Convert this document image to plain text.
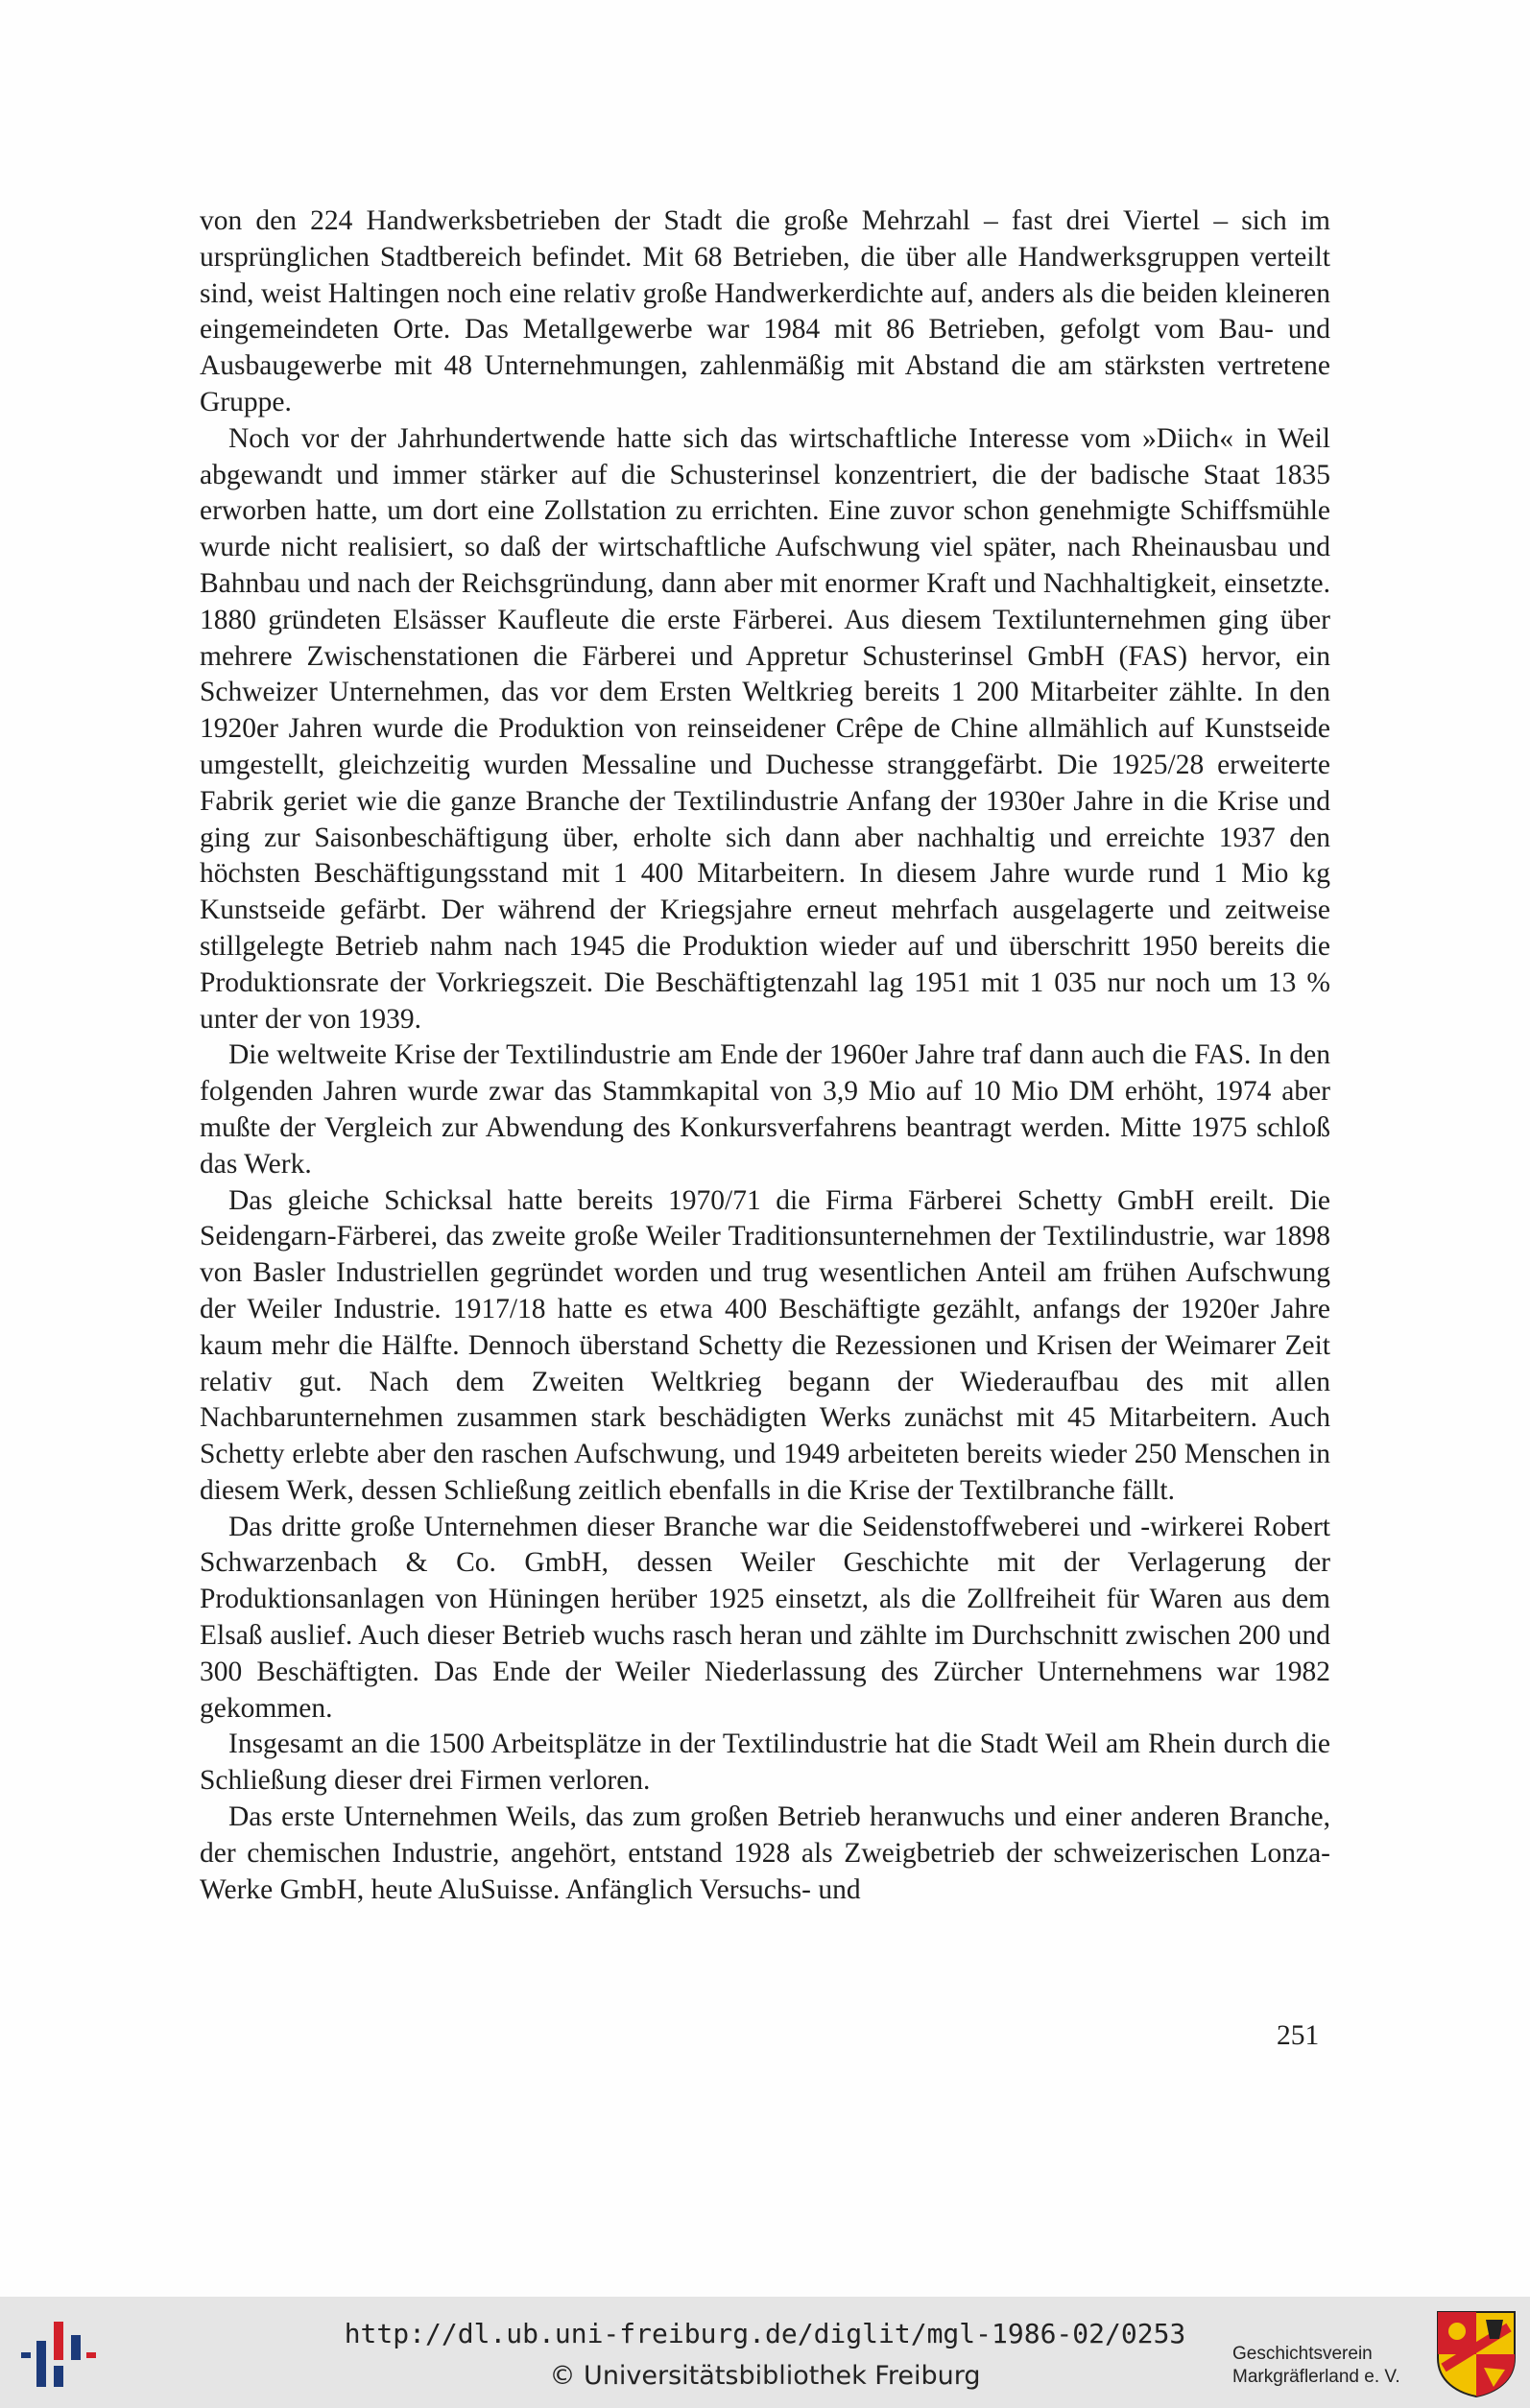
von den 224 Handwerksbetrieben der Stadt die große Mehrzahl – fast drei Viertel – sich im ursprünglichen Stadtbereich befindet. Mit 68 Betrieben, die über alle Handwerksgruppen verteilt sind, weist Haltingen noch eine relativ große Handwerkerdichte auf, anders als die beiden kleineren eingemeindeten Orte. Das Metallgewerbe war 1984 mit 86 Betrieben, gefolgt vom Bau- und Ausbaugewerbe mit 48 Unternehmungen, zahlenmäßig mit Abstand die am stärksten vertretene Gruppe.

Noch vor der Jahrhundertwende hatte sich das wirtschaftliche Interesse vom »Diich« in Weil abgewandt und immer stärker auf die Schusterinsel konzentriert, die der badische Staat 1835 erworben hatte, um dort eine Zollstation zu errichten. Eine zuvor schon genehmigte Schiffsmühle wurde nicht realisiert, so daß der wirtschaftliche Aufschwung viel später, nach Rheinausbau und Bahnbau und nach der Reichsgründung, dann aber mit enormer Kraft und Nachhaltigkeit, einsetzte. 1880 gründeten Elsässer Kaufleute die erste Färberei. Aus diesem Textilunternehmen ging über mehrere Zwischenstationen die Färberei und Appretur Schusterinsel GmbH (FAS) hervor, ein Schweizer Unternehmen, das vor dem Ersten Weltkrieg bereits 1 200 Mitarbeiter zählte. In den 1920er Jahren wurde die Produktion von reinseidener Crêpe de Chine allmählich auf Kunstseide umgestellt, gleichzeitig wurden Messaline und Duchesse stranggefärbt. Die 1925/28 erweiterte Fabrik geriet wie die ganze Branche der Textilindustrie Anfang der 1930er Jahre in die Krise und ging zur Saisonbeschäftigung über, erholte sich dann aber nachhaltig und erreichte 1937 den höchsten Beschäftigungsstand mit 1 400 Mitarbeitern. In diesem Jahre wurde rund 1 Mio kg Kunstseide gefärbt. Der während der Kriegsjahre erneut mehrfach ausgelagerte und zeitweise stillgelegte Betrieb nahm nach 1945 die Produktion wieder auf und überschritt 1950 bereits die Produktionsrate der Vorkriegszeit. Die Beschäftigtenzahl lag 1951 mit 1 035 nur noch um 13 % unter der von 1939.

Die weltweite Krise der Textilindustrie am Ende der 1960er Jahre traf dann auch die FAS. In den folgenden Jahren wurde zwar das Stammkapital von 3,9 Mio auf 10 Mio DM erhöht, 1974 aber mußte der Vergleich zur Abwendung des Konkursverfahrens beantragt werden. Mitte 1975 schloß das Werk.

Das gleiche Schicksal hatte bereits 1970/71 die Firma Färberei Schetty GmbH ereilt. Die Seidengarn-Färberei, das zweite große Weiler Traditionsunternehmen der Textilindustrie, war 1898 von Basler Industriellen gegründet worden und trug wesentlichen Anteil am frühen Aufschwung der Weiler Industrie. 1917/18 hatte es etwa 400 Beschäftigte gezählt, anfangs der 1920er Jahre kaum mehr die Hälfte. Dennoch überstand Schetty die Rezessionen und Krisen der Weimarer Zeit relativ gut. Nach dem Zweiten Weltkrieg begann der Wiederaufbau des mit allen Nachbarunternehmen zusammen stark beschädigten Werks zunächst mit 45 Mitarbeitern. Auch Schetty erlebte aber den raschen Aufschwung, und 1949 arbeiteten bereits wieder 250 Menschen in diesem Werk, dessen Schließung zeitlich ebenfalls in die Krise der Textilbranche fällt.

Das dritte große Unternehmen dieser Branche war die Seidenstoffweberei und -wirkerei Robert Schwarzenbach & Co. GmbH, dessen Weiler Geschichte mit der Verlagerung der Produktionsanlagen von Hüningen herüber 1925 einsetzt, als die Zollfreiheit für Waren aus dem Elsaß auslief. Auch dieser Betrieb wuchs rasch heran und zählte im Durchschnitt zwischen 200 und 300 Beschäftigten. Das Ende der Weiler Niederlassung des Zürcher Unternehmens war 1982 gekommen.

Insgesamt an die 1500 Arbeitsplätze in der Textilindustrie hat die Stadt Weil am Rhein durch die Schließung dieser drei Firmen verloren.

Das erste Unternehmen Weils, das zum großen Betrieb heranwuchs und einer anderen Branche, der chemischen Industrie, angehört, entstand 1928 als Zweigbetrieb der schweizerischen Lonza-Werke GmbH, heute AluSuisse. Anfänglich Versuchs- und

251
http://dl.ub.uni-freiburg.de/diglit/mgl-1986-02/0253
© Universitätsbibliothek Freiburg
Geschichtsverein
Markgräflerland e. V.
